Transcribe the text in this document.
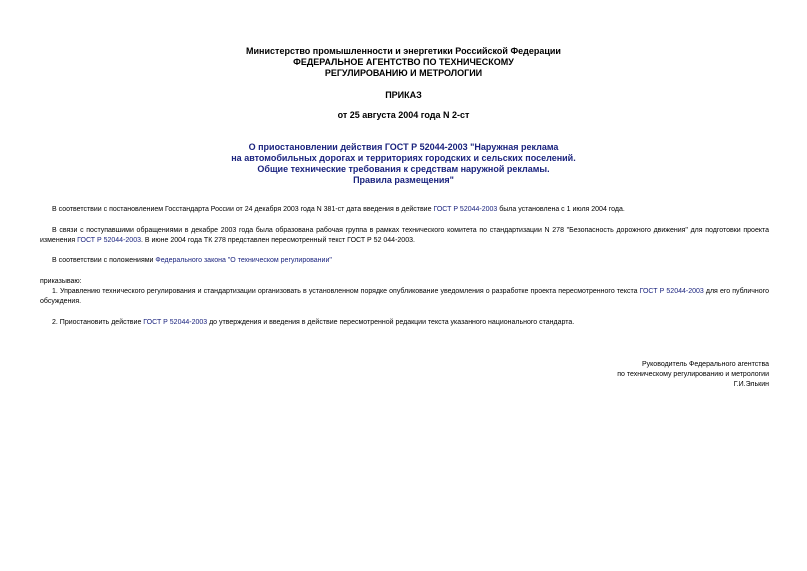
Министерство промышленности и энергетики Российской Федерации
ФЕДЕРАЛЬНОЕ АГЕНТСТВО ПО ТЕХНИЧЕСКОМУ
РЕГУЛИРОВАНИЮ И МЕТРОЛОГИИ
ПРИКАЗ
от 25 августа 2004 года N 2-ст
О приостановлении действия ГОСТ Р 52044-2003 "Наружная реклама
на автомобильных дорогах и территориях городских и сельских поселений.
Общие технические требования к средствам наружной рекламы.
Правила размещения"
В соответствии с постановлением Госстандарта России от 24 декабря 2003 года N 381-ст дата введения в действие ГОСТ Р 52044-2003 была установлена с 1 июля 2004 года.
В связи с поступавшими обращениями в декабре 2003 года была образована рабочая группа в рамках технического комитета по стандартизации N 278 "Безопасность дорожного движения" для подготовки проекта изменения ГОСТ Р 52044-2003. В июне 2004 года ТК 278 представлен пересмотренный текст ГОСТ Р 52 044-2003.
В соответствии с положениями Федерального закона "О техническом регулировании"
приказываю:
1. Управлению технического регулирования и стандартизации организовать в установленном порядке опубликование уведомления о разработке проекта пересмотренного текста ГОСТ Р 52044-2003 для его публичного обсуждения.
2. Приостановить действие ГОСТ Р 52044-2003 до утверждения и введения в действие пересмотренной редакции текста указанного национального стандарта.
Руководитель Федерального агентства
по техническому регулированию и метрологии
Г.И.Элькин
